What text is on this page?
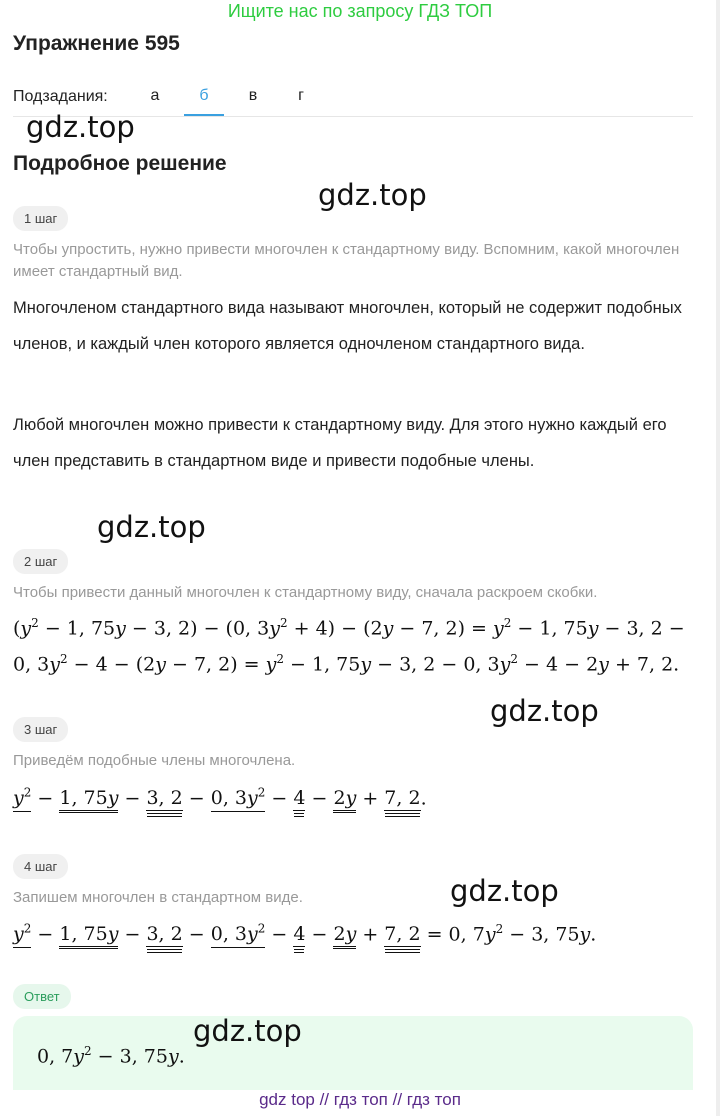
Ищите нас по запросу ГДЗ ТОП
Упражнение 595
Подзадания:	а	б	в	г
gdz.top
Подробное решение
gdz.top
1 шаг
Чтобы упростить, нужно привести многочлен к стандартному виду. Вспомним, какой многочлен имеет стандартный вид.
Многочленом стандартного вида называют многочлен, который не содержит подобных членов, и каждый член которого является одночленом стандартного вида.
Любой многочлен можно привести к стандартному виду. Для этого нужно каждый его член представить в стандартном виде и привести подобные члены.
gdz.top
2 шаг
Чтобы привести данный многочлен к стандартному виду, сначала раскроем скобки.
($y^2 - 1$, 75y − 3, 2) − (0, $3y^2 + 4) - (2y - 7$, $2) = y^2 - 1$, 75y − 3, 2 −
0, $3y^2 - 4 - (2y - 7$, $2) = y^2 - 1$, 75y − 3, 2 − 0, $3y^2 - 4 - 2y + 7$, 2.
gdz.top
3 шаг
Приведём подобные члены многочлена.
$y^2 - 1$, 75y − 3, 2 − 0, $3y^2 - 4 - 2y + 7$, 2.
4 шаг
gdz.top
Запишем многочлен в стандартном виде.
$y^2 - 1$, 75y − 3, 2 − 0, $3y^2 - 4 - 2y + 7$, 2 = 0, $7y^2 - 3$, 75y.
Ответ
gdz.top
0, $7y^2 - 3$, 75y.
gdz top // гдз топ // гдз топ
